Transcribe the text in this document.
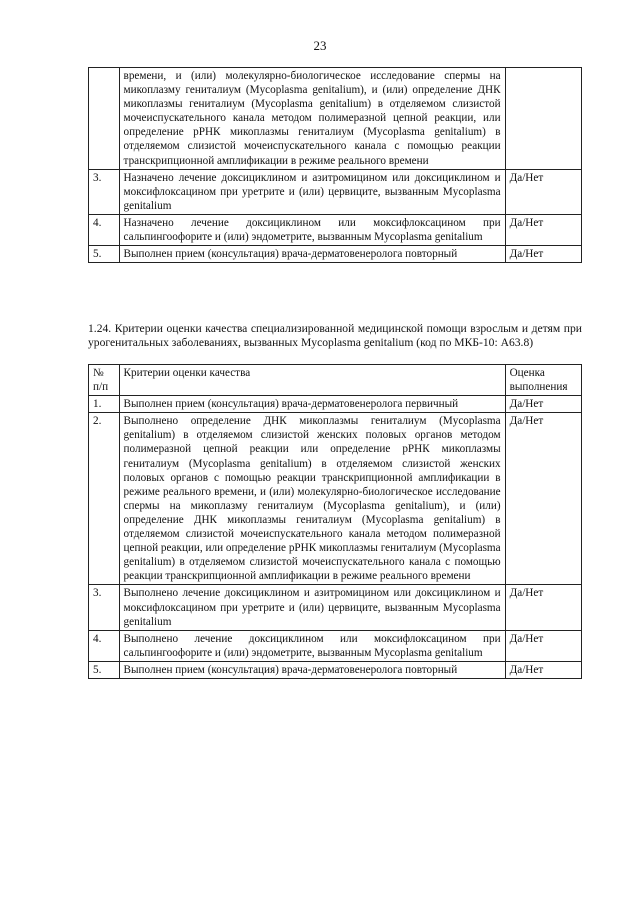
23
	времени, и (или) молекулярно-биологическое исследование спермы на микоплазму гениталиум (Mycoplasma genitalium), и (или) определение ДНК микоплазмы гениталиум (Mycoplasma genitalium) в отделяемом слизистой мочеиспускательного канала методом полимеразной цепной реакции, или определение рРНК микоплазмы гениталиум (Mycoplasma genitalium) в отделяемом слизистой мочеиспускательного канала с помощью реакции транскрипционной амплификации в режиме реального времени	
3.	Назначено лечение доксициклином и азитромицином или доксициклином и моксифлоксацином при уретрите и (или) цервиците, вызванным Mycoplasma genitalium	Да/Нет
4.	Назначено лечение доксициклином или моксифлоксацином при сальпингоофорите и (или) эндометрите, вызванным Mycoplasma genitalium	Да/Нет
5.	Выполнен прием (консультация) врача-дерматовенеролога повторный	Да/Нет
1.24. Критерии оценки качества специализированной медицинской помощи взрослым и детям при урогенитальных заболеваниях, вызванных Mycoplasma genitalium (код по МКБ-10: A63.8)
№ п/п	Критерии оценки качества	Оценка выполнения
1.	Выполнен прием (консультация) врача-дерматовенеролога первичный	Да/Нет
2.	Выполнено определение ДНК микоплазмы гениталиум (Mycoplasma genitalium) в отделяемом слизистой женских половых органов методом полимеразной цепной реакции или определение рРНК микоплазмы гениталиум (Mycoplasma genitalium) в отделяемом слизистой женских половых органов с помощью реакции транскрипционной амплификации в режиме реального времени, и (или) молекулярно-биологическое исследование спермы на микоплазму гениталиум (Mycoplasma genitalium), и (или) определение ДНК микоплазмы гениталиум (Mycoplasma genitalium) в отделяемом слизистой мочеиспускательного канала методом полимеразной цепной реакции, или определение рРНК микоплазмы гениталиум (Mycoplasma genitalium) в отделяемом слизистой мочеиспускательного канала с помощью реакции транскрипционной амплификации в режиме реального времени	Да/Нет
3.	Выполнено лечение доксициклином и азитромицином или доксициклином и моксифлоксацином при уретрите и (или) цервиците, вызванным Mycoplasma genitalium	Да/Нет
4.	Выполнено лечение доксициклином или моксифлоксацином при сальпингоофорите и (или) эндометрите, вызванным Mycoplasma genitalium	Да/Нет
5.	Выполнен прием (консультация) врача-дерматовенеролога повторный	Да/Нет
